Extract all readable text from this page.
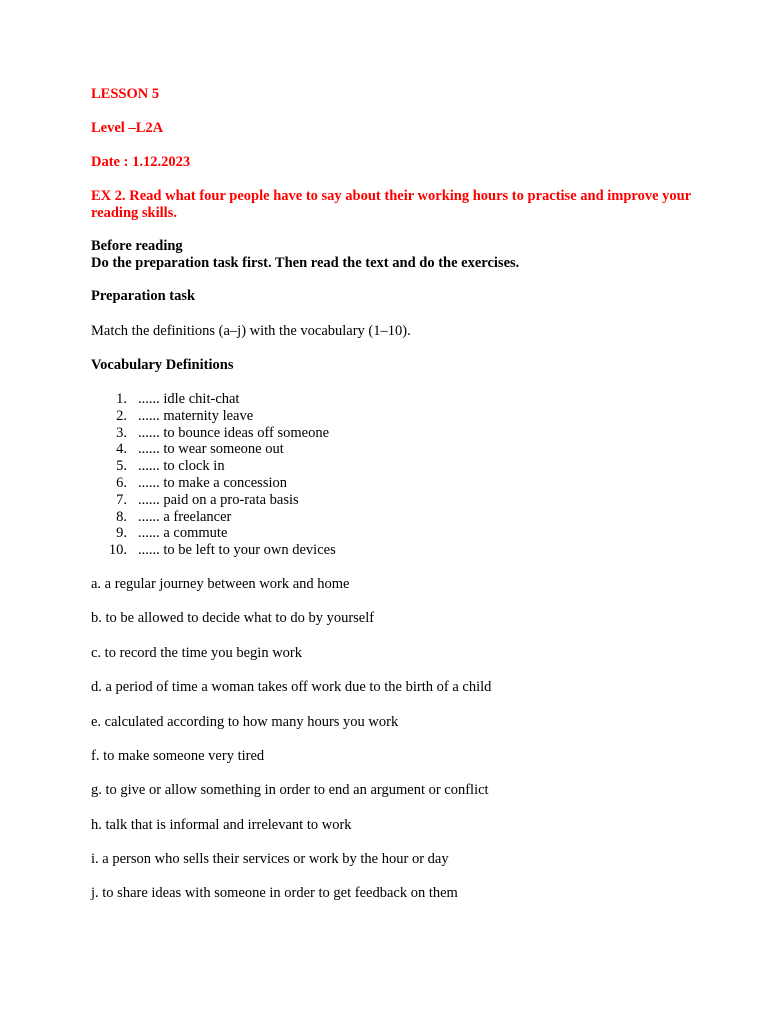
LESSON 5

Level –L2A

Date : 1.12.2023

EX 2. Read what four people have to say about their working hours to practise and improve your reading skills.

Before reading

Do the preparation task first. Then read the text and do the exercises.

Preparation task

Match the definitions (a–j) with the vocabulary (1–10).

Vocabulary Definitions

1. ...... idle chit-chat
2. ...... maternity leave
3. ...... to bounce ideas off someone
4. ...... to wear someone out
5. ...... to clock in
6. ...... to make a concession
7. ...... paid on a pro-rata basis
8. ...... a freelancer
9. ...... a commute
10. ...... to be left to your own devices
a. a regular journey between work and home
b. to be allowed to decide what to do by yourself
c. to record the time you begin work
d. a period of time a woman takes off work due to the birth of a child
e. calculated according to how many hours you work
f. to make someone very tired
g. to give or allow something in order to end an argument or conflict
h. talk that is informal and irrelevant to work
i. a person who sells their services or work by the hour or day
j. to share ideas with someone in order to get feedback on them
